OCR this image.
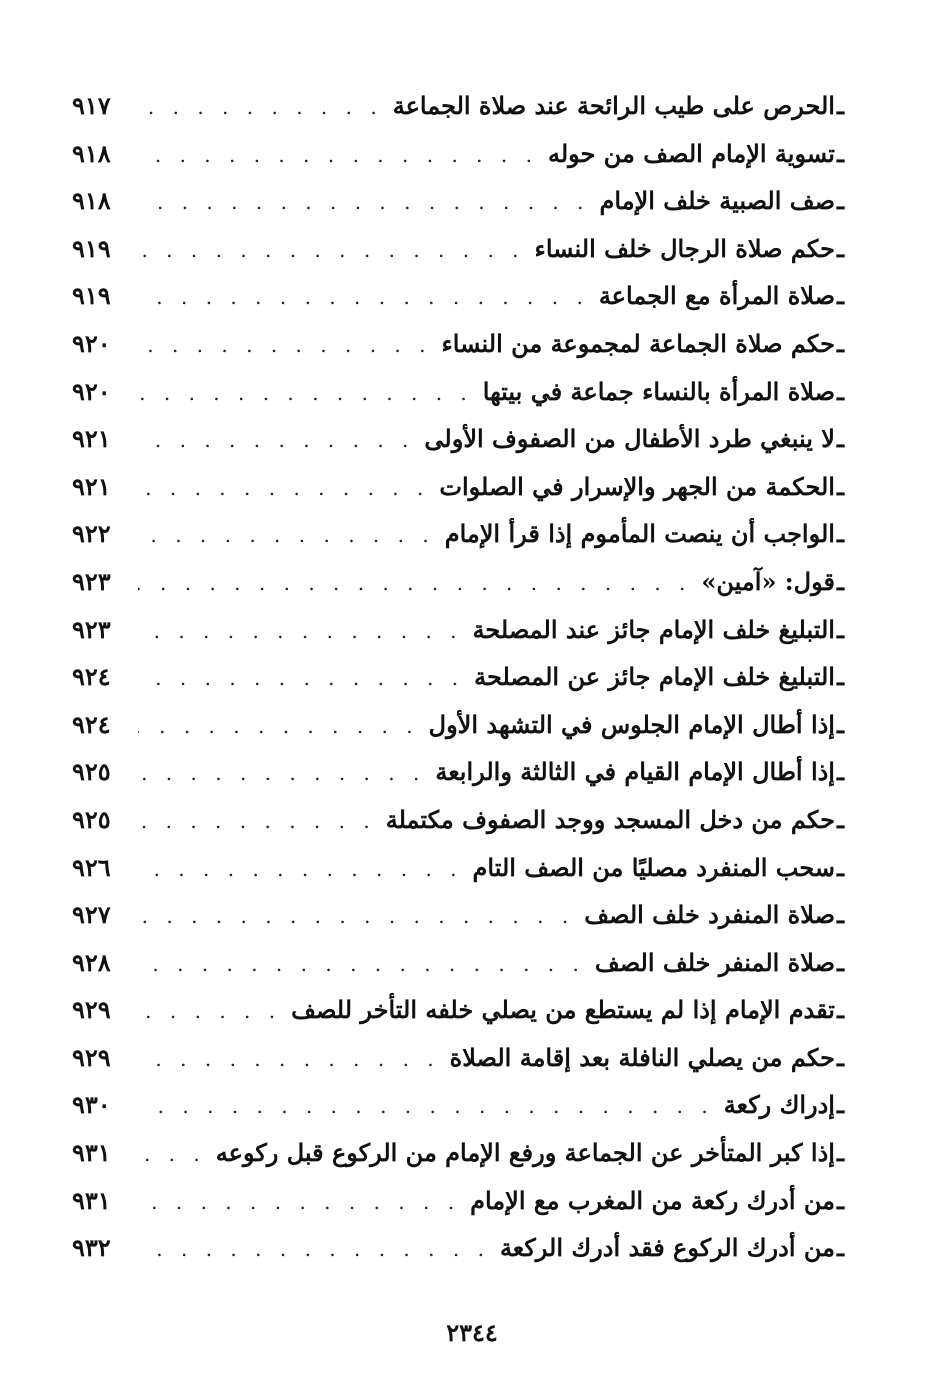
ـ
الحرص على طيب الرائحة عند صلاة الجماعة
. . .
٩١٧
ـ
تسوية الإمام الصف من حوله
. . .
٩١٨
ـ
صف الصبية خلف الإمام
. . .
٩١٨
ـ
حكم صلاة الرجال خلف النساء
. . .
٩١٩
ـ
صلاة المرأة مع الجماعة
. . .
٩١٩
ـ
حكم صلاة الجماعة لمجموعة من النساء
. . .
٩٢٠
ـ
صلاة المرأة بالنساء جماعة في بيتها
. . .
٩٢٠
ـ
لا ينبغي طرد الأطفال من الصفوف الأولى
. . .
٩٢١
ـ
الحكمة من الجهر والإسرار في الصلوات
. . .
٩٢١
ـ
الواجب أن ينصت المأموم إذا قرأ الإمام
. . .
٩٢٢
ـ
قول: «آمين»
. . .
٩٢٣
ـ
التبليغ خلف الإمام جائز عند المصلحة
. . .
٩٢٣
ـ
التبليغ خلف الإمام جائز عن المصلحة
. . .
٩٢٤
ـ
إذا أطال الإمام الجلوس في التشهد الأول
. . .
٩٢٤
ـ
إذا أطال الإمام القيام في الثالثة والرابعة
. . .
٩٢٥
ـ
حكم من دخل المسجد ووجد الصفوف مكتملة
. . .
٩٢٥
ـ
سحب المنفرد مصليًا من الصف التام
. . .
٩٢٦
ـ
صلاة المنفرد خلف الصف
. . .
٩٢٧
ـ
صلاة المنفر خلف الصف
. . .
٩٢٨
ـ
تقدم الإمام إذا لم يستطع من يصلي خلفه التأخر للصف
. . .
٩٢٩
ـ
حكم من يصلي النافلة بعد إقامة الصلاة
. . .
٩٢٩
ـ
إدراك ركعة
. . .
٩٣٠
ـ
إذا كبر المتأخر عن الجماعة ورفع الإمام من الركوع قبل ركوعه
. . .
٩٣١
ـ
من أدرك ركعة من المغرب مع الإمام
. . .
٩٣١
ـ
من أدرك الركوع فقد أدرك الركعة
. . .
٩٣٢
٢٣٤٤
